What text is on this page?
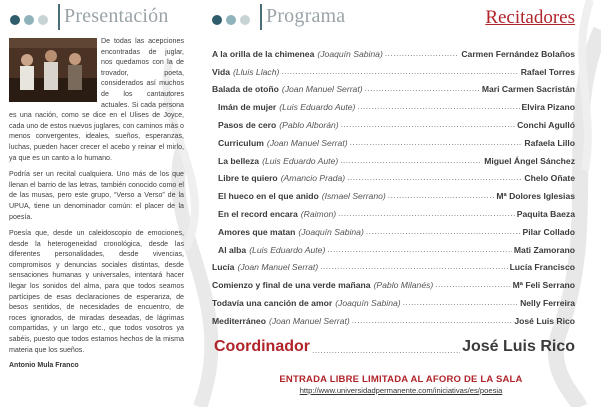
Presentación	Programa	Recitadores

De todas las acepciones encontradas de juglar, nos quedamos con la de trovador, poeta, considerados así muchos de los cantautores actuales. Si cada persona es una nación, como se dice en el Ulises de Joyce, cada uno de estos nuevos juglares, con caminos más o menos convergentes, ideales, sueños, esperanzas, luchas, pueden hacer crecer el acebo y reinar el mirlo, ya que es un canto a lo humano.

Podría ser un recital cualquiera. Uno más de los que llenan el barrio de las letras, también conocido como el de las musas, pero este grupo, “Verso a Verso” de la UPUA, tiene un denominador común: el placer de la poesía.

Poesía que, desde un caleidoscopio de emociones, desde la heterogeneidad cronológica, desde las diferentes personalidades, desde vivencias, compromisos y denuncias sociales distintas, desde sensaciones humanas y universales, intentará hacer llegar los sonidos del alma, para que todos seamos partícipes de esas declaraciones de esperanza, de besos sentidos, de necesidades de encuentro, de roces ignorados, de miradas deseadas, de lágrimas compartidas, y un largo etc., que todos vosotros ya sabéis, puesto que todos estamos hechos de la misma materia que los sueños.

Antonio Mula Franco
A la orilla de la chimenea (Joaquín Sabina) .....	Carmen Fernández Bolaños
Vida (Lluis Llach) .....	Rafael Torres
Balada de otoño (Joan Manuel Serrat) .....	Mari Carmen Sacristán
Imán de mujer (Luis Eduardo Aute) .....	Elvira Pizano
Pasos de cero (Pablo Alborán) .....	Conchi Agulló
Curriculum (Joan Manuel Serrat) .....	Rafaela Lillo
La belleza (Luis Eduardo Aute) .....	Miguel Ángel Sánchez
Libre te quiero (Amancio Prada) .....	Chelo Oñate
El hueco en el que anido (Ismael Serrano) .....	Mª Dolores Iglesias
En el record encara (Raimon) .....	Paquita Baeza
Amores que matan (Joaquín Sabina) .....	Pilar Collado
Al alba (Luis Eduardo Aute) .....	Mati Zamorano
Lucía (Joan Manuel Serrat) .....	Lucía Francisco
Comienzo y final de una verde mañana (Pablo Milanés) .....	Mª Feli Serrano
Todavía una canción de amor (Joaquín Sabina) .....	Nelly Ferreira
Mediterráneo (Joan Manuel Serrat) .....	José Luis Rico
Coordinador .....	José Luis Rico
ENTRADA LIBRE LIMITADA AL AFORO DE LA SALA
http://www.universidadpermanente.com/iniciativas/es/poesia
